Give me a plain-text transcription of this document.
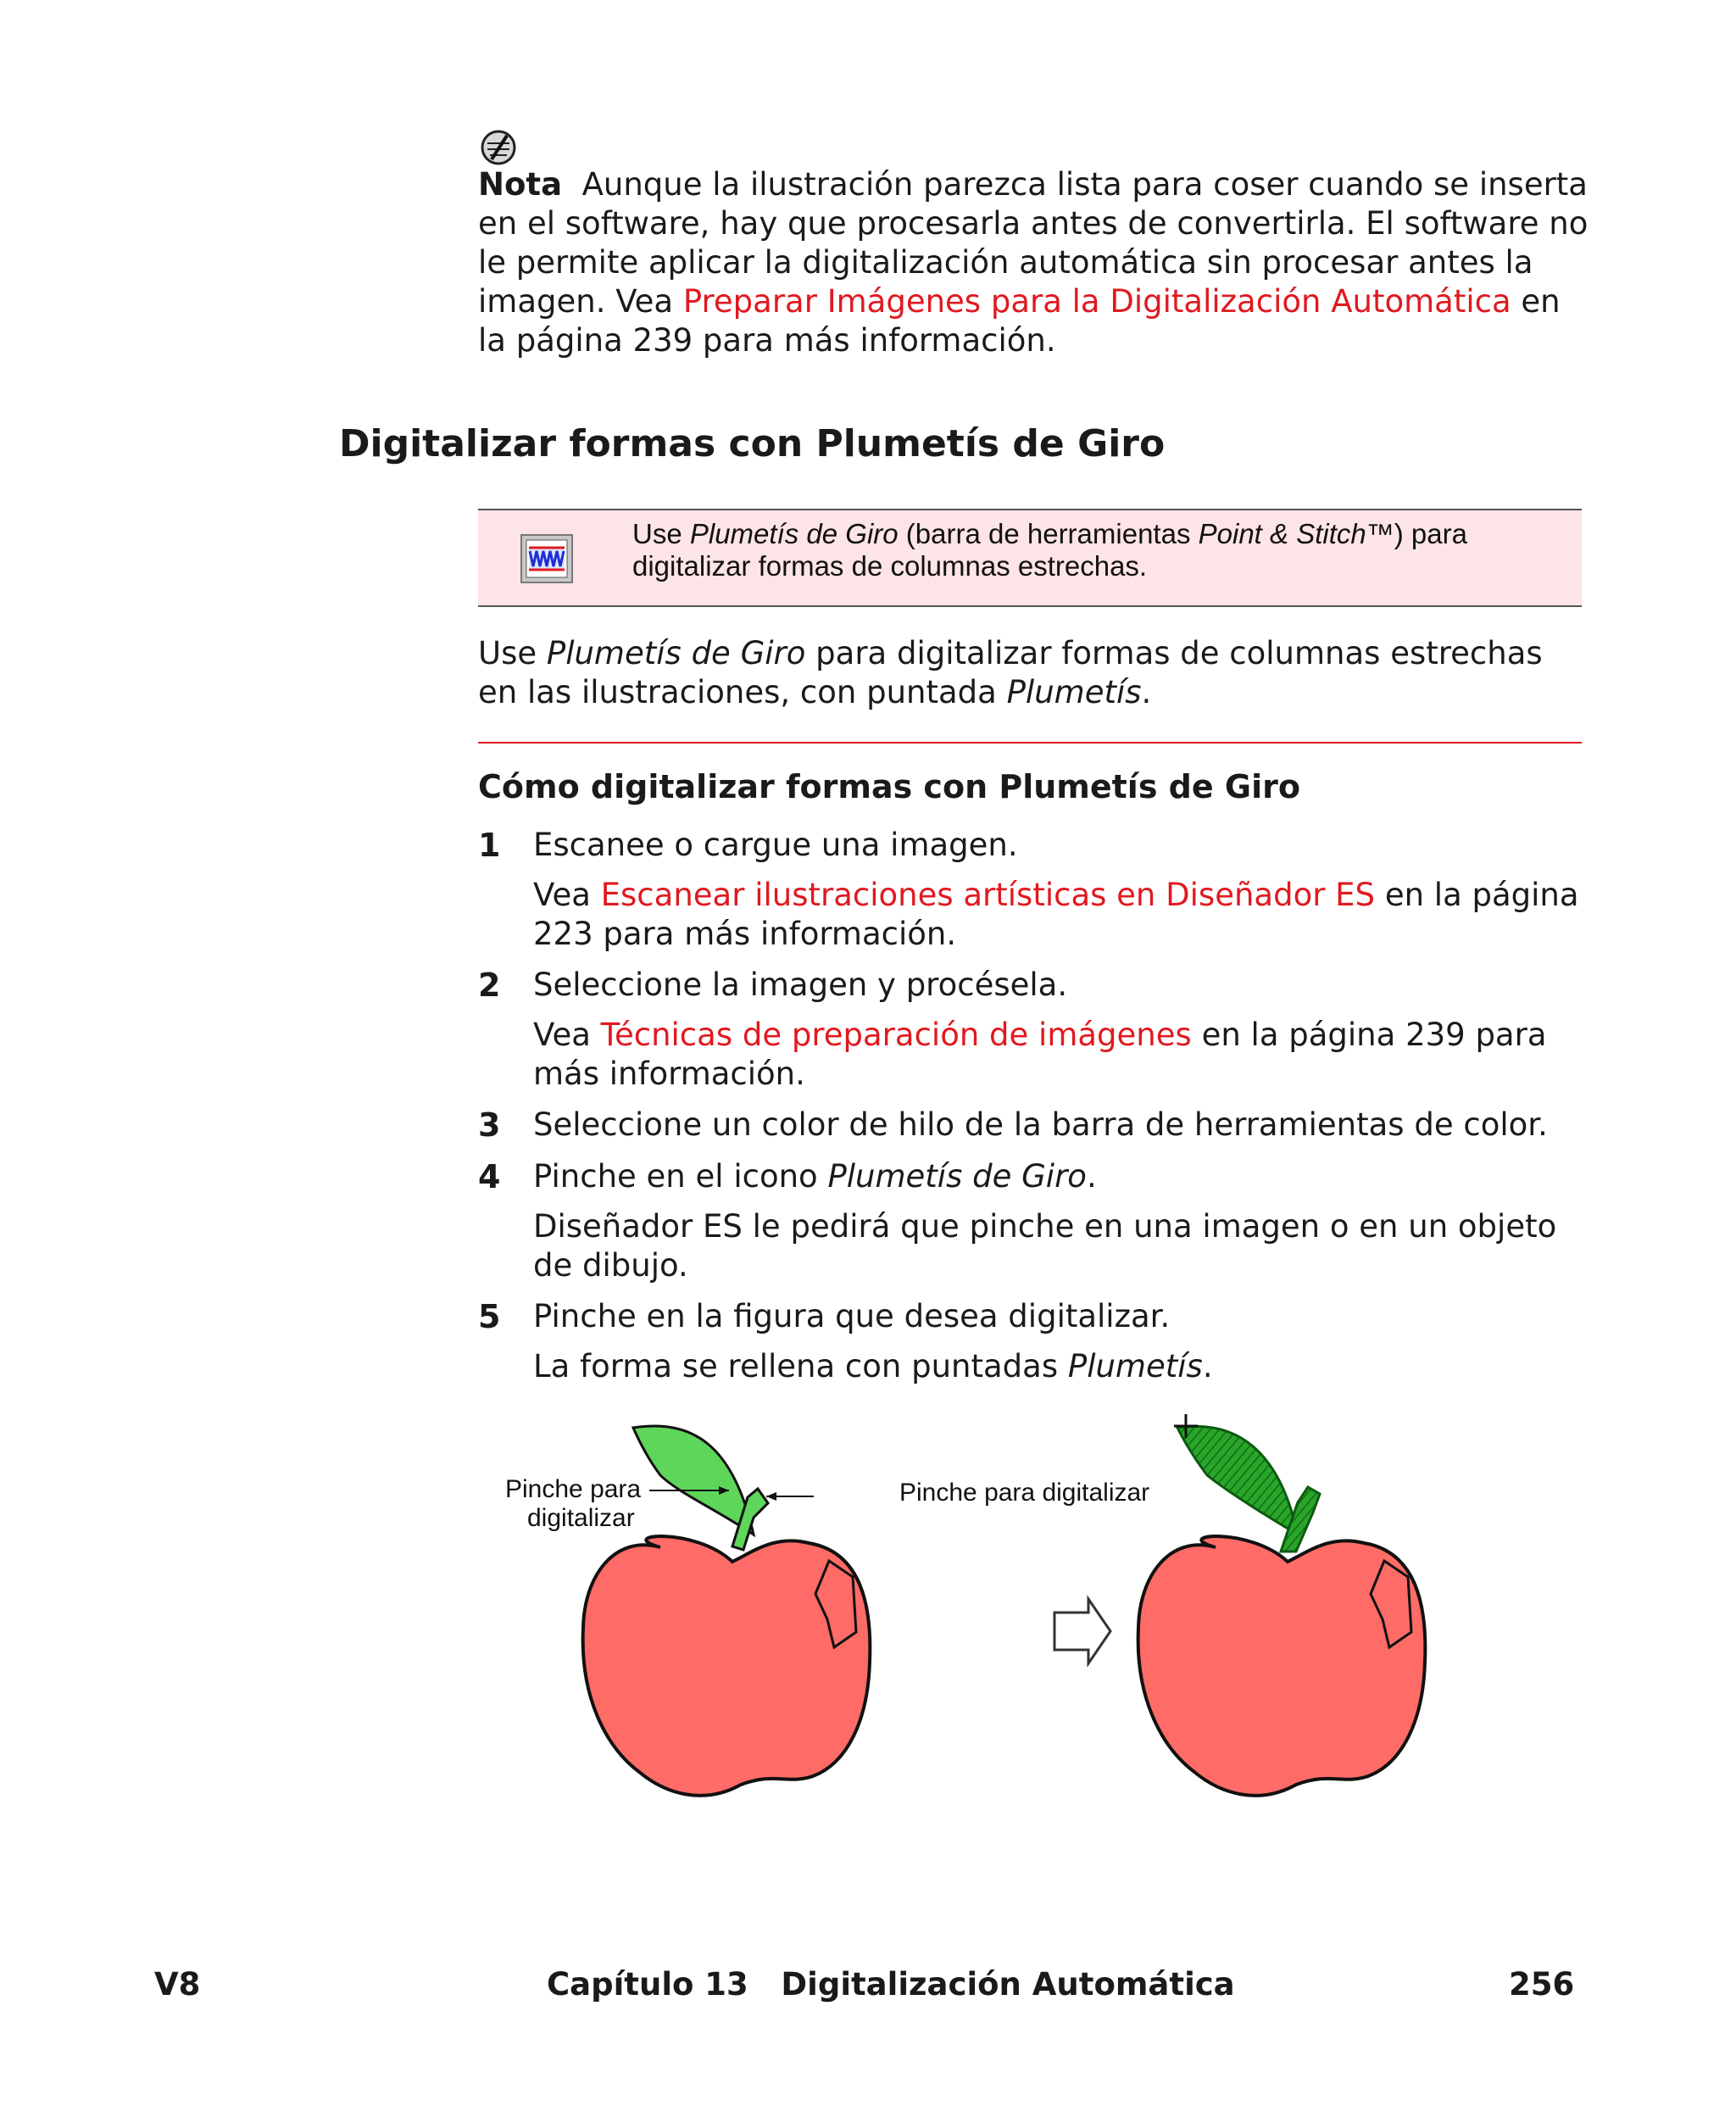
Nota Aunque la ilustración parezca lista para coser cuando se inserta en el software, hay que procesarla antes de convertirla. El software no le permite aplicar la digitalización automática sin procesar antes la imagen. Vea Preparar Imágenes para la Digitalización Automática en la página 239 para más información.
Digitalizar formas con Plumetís de Giro
Use Plumetís de Giro (barra de herramientas Point & Stitch™) para digitalizar formas de columnas estrechas.
Use Plumetís de Giro para digitalizar formas de columnas estrechas en las ilustraciones, con puntada Plumetís.
Cómo digitalizar formas con Plumetís de Giro
1 Escanee o cargue una imagen.
Vea Escanear ilustraciones artísticas en Diseñador ES en la página 223 para más información.
2 Seleccione la imagen y procésela.
Vea Técnicas de preparación de imágenes en la página 239 para más información.
3 Seleccione un color de hilo de la barra de herramientas de color.
4 Pinche en el icono Plumetís de Giro.
Diseñador ES le pedirá que pinche en una imagen o en un objeto de dibujo.
5 Pinche en la figura que desea digitalizar.
La forma se rellena con puntadas Plumetís.
Pinche para
digitalizar
Pinche para digitalizar
V8	Capítulo 13   Digitalización Automática	256
